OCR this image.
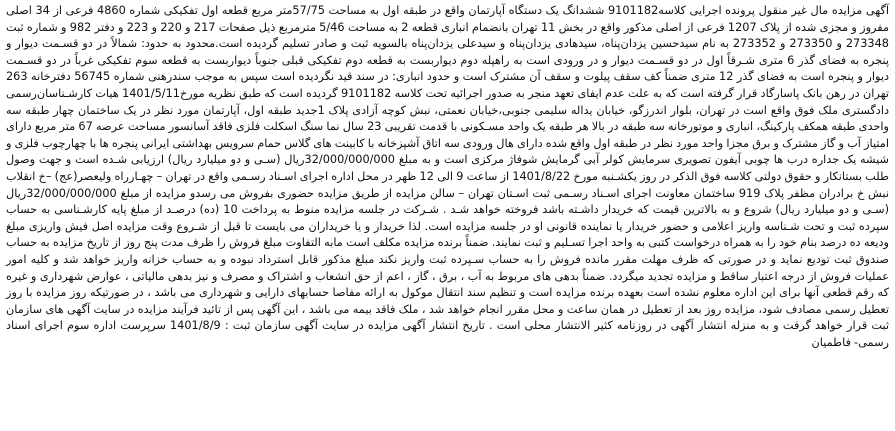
آگهی مزایده مال غیر منقول پرونده اجرایی کلاسه9101182 ششدانگ یک دستگاه آپارتمان واقع در طبقه اول به مساحت 57/75متر مربع قطعه اول تفکیکی شماره 4860 فرعی از 34 اصلی مفروز و مجزی شده از پلاک 1207 فرعی از اصلی مذکور واقع در بخش 11 تهران بانضمام انباری قطعه 2 به مساحت 5/46 مترمربع ذیل صفحات 217 و 220 و 223 و دفتر 982 و شماره ثبت 273348 و 273350 و 273352 به نام سیدحسین یزدان‌پناه، سیدهادی یزدان‌پناه و سیدعلی یزدان‌پناه بالسویه ثبت و صادر تسلیم گردیده است.محدود به حدود: شمالاً در دو قسـمت دیوار و پنجره به فضای گذر 6 متری شـرقاً اول در دو قسـمت دیوار و در ورودی است به راهپله دوم دیواربست به قطعه دوم تفکیکی قبلی جنوباً دیواربست به قطعه سوم تفکیکی غرباً در دو قسـمت دیوار و پنجره است به فضای گذر 12 متری ضمناً کف سقف پیلوت و سقف آن مشترک است و حدود انباری: در سند قید نگردیده است سپس به موجب سندرهنی شماره 56745 دفترخانه 263 تهران در رهن بانک پاسارگاد قرار گرفته است که به علت عدم ایفای تعهد منجر به صدور اجرائیه تحت کلاسه 9101182 گردیده است که طبق نظریه مورخ1401/5/11 هیات کارشـناسان‌رسمی دادگستری ملک فوق واقع است در تهران، بلوار اندرزگو، خیابان یداله سلیمی جنوبی،خیابان نعمتی، نبش کوچه آزادی پلاک 1جدید طبقه اول، آپارتمان مورد نظر در یک ساختمان چهار طبقه سه واحدی طبقه همکف پارکینگ، انباری و موتورخانه سه طبقه در بالا هر طبقه یک واحد مسـکونی با قدمت تقریبی 23 سال نما سنگ اسکلت فلزی فاقد آسانسور مساحت عرصه 67 متر مربع دارای امتیاز آب و گاز مشترک و برق مجزا واحد مورد نظر در طبقه اول واقع شده دارای هال ورودی سه اتاق آشپزخانه با کابینت های گلاس حمام سرویس بهداشتی ایرانی پنجره ها با چهارچوب فلزی و شیشه یک جداره درب ها چوبی آیفون تصویری سرمایش کولر آبی گرمایش شوفاژ مرکزی است و به مبلغ 32/000/000/000ریال (سـی و دو میلیارد ریال) ارزیابی شـده است و جهت وصول طلب بستانکار و حقوق دولتی کلاسه فوق الذکر در روز یکشـنبه مورخ 1401/8/22 از ساعت 9 الی 12 ظهر در محل اداره اجرای اسـناد رسـمی واقع در تهران – چهـارراه ولیعصر(عج) –خ انقلاب نبش خ برادران مظفر پلاک 919 ساختمان معاونت اجرای اسـناد رسـمی ثبت اسـتان تهران – سالن مزایده از طریق مزایده حضوری بفروش می رسدو مزایده از مبلغ 32/000/000/000ریال (سـی و دو میلیارد ریال) شروع و به بالاترین قیمت که خریدار داشـته باشد فروخته خواهد شـد . شـرکت در جلسه مزایده منوط به پرداخت 10 (ده) درصـد از مبلغ پایه کارشـناسی به حساب سپرده ثبت و تحت شـناسه واریز اعلامی و حضور خریدار یا نماینده قانونی او در جلسه مزایده است. لذا خریدار و یا خریداران می بایست تا قبل از شـروع وقت مزایده اصل فیش واریزی مبلغ ودیعه ده درصد بنام خود را به همراه درخواست کتبی به واحد اجرا تسـلیم و ثبت نمایند. ضمناً برنده مزایده مکلف است مابه التفاوت مبلغ فروش را ظرف مدت پنج روز از تاریخ مزایده به حساب صندوق ثبت تودیع نماید و در صورتی که ظرف مهلت مقرر مانده فروش را به حساب سـپرده ثبت واریز نکند مبلغ مذکور قابل استرداد نبوده و به حساب خزانه واریز خواهد شد و کلیه امور عملیات فروش از درجه اعتبار ساقط و مزایده تجدید میگردد. ضمناً بدهی های مربوط به آب ، برق ، گاز ، اعم از حق انشعاب و اشتراک و مصرف و نیز بدهی مالیاتی ، عوارض شهرداری و غیره که رقم قطعی آنها برای این اداره معلوم نشده است بعهده برنده مزایده است و تنظیم سند انتقال موکول به ارائه مفاصا حسابهای دارایی و شهرداری می باشد ، در صورتیکه روز مزایده با روز تعطیل رسمی مصادف شود، مزایده روز بعد از تعطیل در همان ساعت و محل مقرر انجام خواهد شد ، ملک فاقد بیمه می باشد ، این آگهی پس از تائید فرآیند مزایده در سایت آگهی های سازمان ثبت قرار خواهد گرفت و به منزله انتشار آگهی در روزنامه کثیر الانتشار محلی است . تاریخ انتشار آگهی مزایده در سایت آگهی سازمان ثبت : 1401/8/9 سرپرست اداره سوم اجرای اسناد رسمی- فاطمیان
